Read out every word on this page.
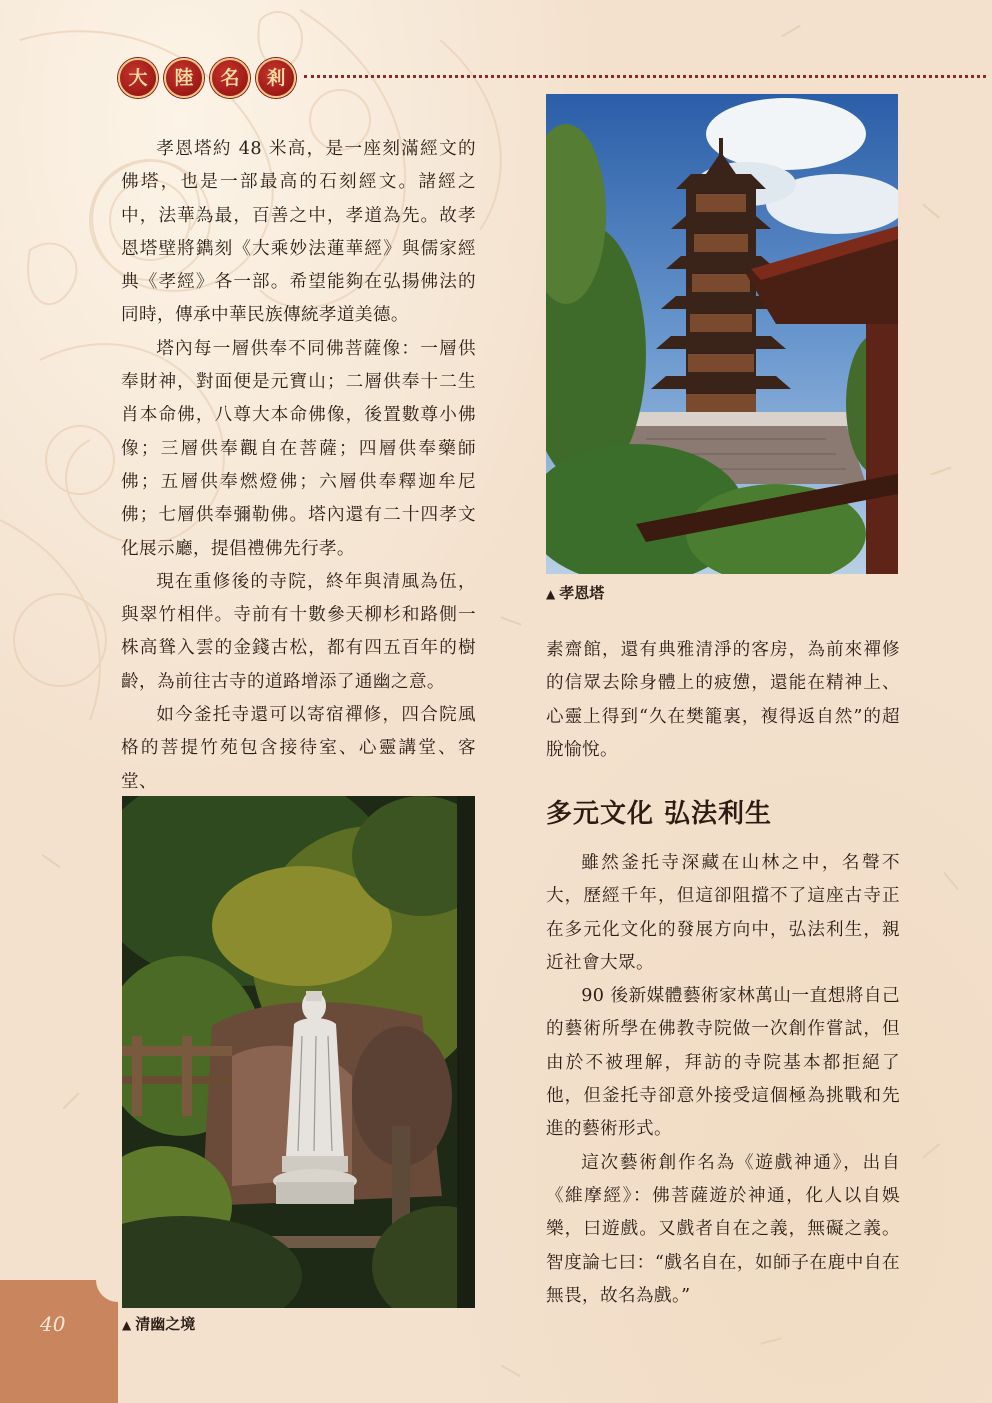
大	陸	名	剎

孝恩塔約 48 米高，是一座刻滿經文的佛塔，也是一部最高的石刻經文。諸經之中，法華為最，百善之中，孝道為先。故孝恩塔壁將鐫刻《大乘妙法蓮華經》與儒家經典《孝經》各一部。希望能夠在弘揚佛法的同時，傳承中華民族傳統孝道美德。

塔內每一層供奉不同佛菩薩像：一層供奉財神，對面便是元寶山；二層供奉十二生肖本命佛，八尊大本命佛像，後置數尊小佛像；三層供奉觀自在菩薩；四層供奉藥師佛；五層供奉燃燈佛；六層供奉釋迦牟尼佛；七層供奉彌勒佛。塔內還有二十四孝文化展示廳，提倡禮佛先行孝。

現在重修後的寺院，終年與清風為伍，與翠竹相伴。寺前有十數參天柳杉和路側一株高聳入雲的金錢古松，都有四五百年的樹齡，為前往古寺的道路增添了通幽之意。

如今釜托寺還可以寄宿禪修，四合院風格的菩提竹苑包含接待室、心靈講堂、客堂、

▲ 孝恩塔

素齋館，還有典雅清淨的客房，為前來禪修的信眾去除身體上的疲憊，還能在精神上、心靈上得到“久在樊籠裏，複得返自然”的超脫愉悅。

多元文化 弘法利生

雖然釜托寺深藏在山林之中，名聲不大，歷經千年，但這卻阻擋不了這座古寺正在多元化文化的發展方向中，弘法利生，親近社會大眾。

90 後新媒體藝術家林萬山一直想將自己的藝術所學在佛教寺院做一次創作嘗試，但由於不被理解，拜訪的寺院基本都拒絕了他，但釜托寺卻意外接受這個極為挑戰和先進的藝術形式。

這次藝術創作名為《遊戲神通》，出自《維摩經》：佛菩薩遊於神通，化人以自娛樂，曰遊戲。又戲者自在之義，無礙之義。智度論七曰：“戲名自在，如師子在鹿中自在無畏，故名為戲。”

▲ 清幽之境
40
